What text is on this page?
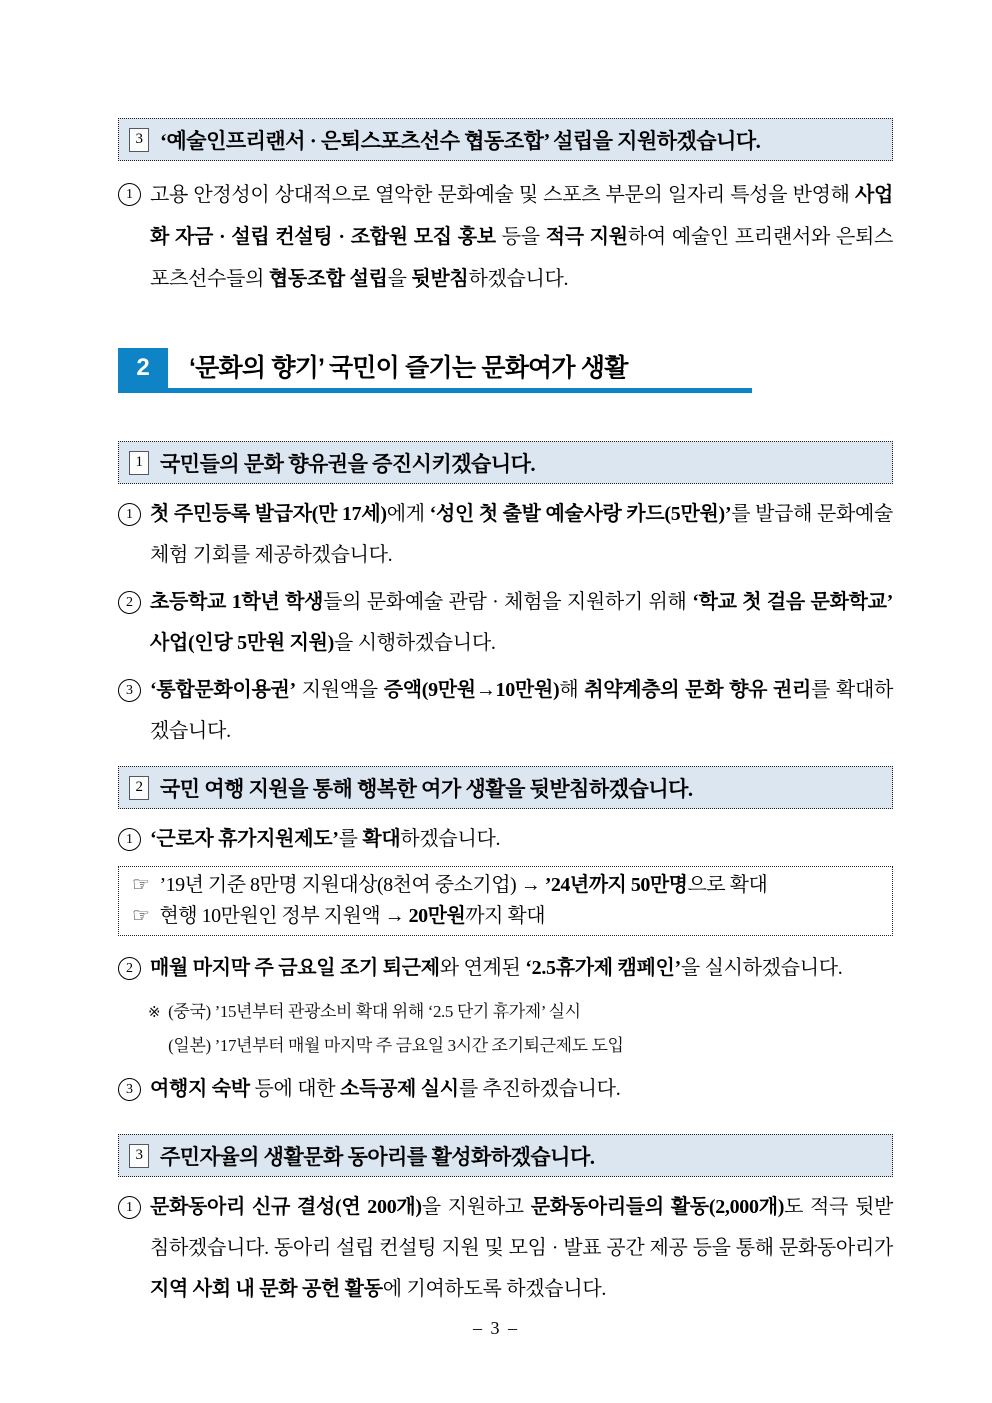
3 ‘예술인프리랜서 · 은퇴스포츠선수 협동조합’ 설립을 지원하겠습니다.
1 고용 안정성이 상대적으로 열악한 문화예술 및 스포츠 부문의 일자리 특성을 반영해 사업화 자금 · 설립 컨설팅 · 조합원 모집 홍보 등을 적극 지원하여 예술인 프리랜서와 은퇴스포츠선수들의 협동조합 설립을 뒷받침하겠습니다.
2	‘문화의 향기’ 국민이 즐기는 문화여가 생활
1 국민들의 문화 향유권을 증진시키겠습니다.
1 첫 주민등록 발급자(만 17세)에게 ‘성인 첫 출발 예술사랑 카드(5만원)’를 발급해 문화예술 체험 기회를 제공하겠습니다.
2 초등학교 1학년 학생들의 문화예술 관람 · 체험을 지원하기 위해 ‘학교 첫 걸음 문화학교’ 사업(인당 5만원 지원)을 시행하겠습니다.
3 ‘통합문화이용권’ 지원액을 증액(9만원→10만원)해 취약계층의 문화 향유 권리를 확대하겠습니다.
2 국민 여행 지원을 통해 행복한 여가 생활을 뒷받침하겠습니다.
1 ‘근로자 휴가지원제도’를 확대하겠습니다.
☞ ’19년 기준 8만명 지원대상(8천여 중소기업) → ’24년까지 50만명으로 확대
☞ 현행 10만원인 정부 지원액 → 20만원까지 확대
2 매월 마지막 주 금요일 조기 퇴근제와 연계된 ‘2.5휴가제 캠페인’을 실시하겠습니다.
※ (중국) ’15년부터 관광소비 확대 위해 ‘2.5 단기 휴가제’ 실시
(일본) ’17년부터 매월 마지막 주 금요일 3시간 조기퇴근제도 도입
3 여행지 숙박 등에 대한 소득공제 실시를 추진하겠습니다.
3 주민자율의 생활문화 동아리를 활성화하겠습니다.
1 문화동아리 신규 결성(연 200개)을 지원하고 문화동아리들의 활동(2,000개)도 적극 뒷받침하겠습니다. 동아리 설립 컨설팅 지원 및 모임 · 발표 공간 제공 등을 통해 문화동아리가 지역 사회 내 문화 공헌 활동에 기여하도록 하겠습니다.
– 3 –
